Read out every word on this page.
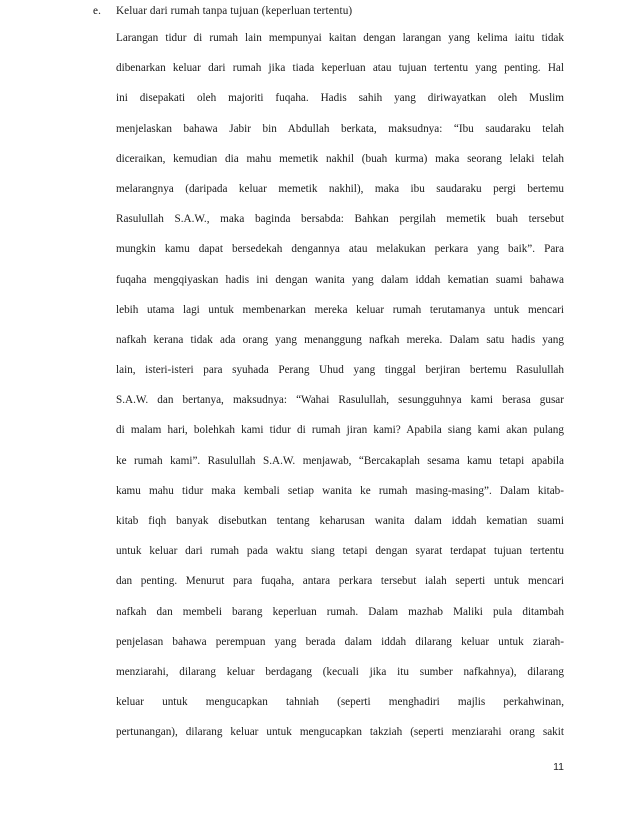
e. Keluar dari rumah tanpa tujuan (keperluan tertentu)
Larangan tidur di rumah lain mempunyai kaitan dengan larangan yang kelima iaitu tidak
dibenarkan keluar dari rumah jika tiada keperluan atau tujuan tertentu yang penting. Hal
ini disepakati oleh majoriti fuqaha. Hadis sahih yang diriwayatkan oleh Muslim
menjelaskan bahawa Jabir bin Abdullah berkata, maksudnya: “Ibu saudaraku telah
diceraikan, kemudian dia mahu memetik nakhil (buah kurma) maka seorang lelaki telah
melarangnya (daripada keluar memetik nakhil), maka ibu saudaraku pergi bertemu
Rasulullah S.A.W., maka baginda bersabda: Bahkan pergilah memetik buah tersebut
mungkin kamu dapat bersedekah dengannya atau melakukan perkara yang baik”. Para
fuqaha mengqiyaskan hadis ini dengan wanita yang dalam iddah kematian suami bahawa
lebih utama lagi untuk membenarkan mereka keluar rumah terutamanya untuk mencari
nafkah kerana tidak ada orang yang menanggung nafkah mereka. Dalam satu hadis yang
lain, isteri-isteri para syuhada Perang Uhud yang tinggal berjiran bertemu Rasulullah
S.A.W. dan bertanya, maksudnya: “Wahai Rasulullah, sesungguhnya kami berasa gusar
di malam hari, bolehkah kami tidur di rumah jiran kami? Apabila siang kami akan pulang
ke rumah kami”. Rasulullah S.A.W. menjawab, “Bercakaplah sesama kamu tetapi apabila
kamu mahu tidur maka kembali setiap wanita ke rumah masing-masing”. Dalam kitab-
kitab fiqh banyak disebutkan tentang keharusan wanita dalam iddah kematian suami
untuk keluar dari rumah pada waktu siang tetapi dengan syarat terdapat tujuan tertentu
dan penting. Menurut para fuqaha, antara perkara tersebut ialah seperti untuk mencari
nafkah dan membeli barang keperluan rumah. Dalam mazhab Maliki pula ditambah
penjelasan bahawa perempuan yang berada dalam iddah dilarang keluar untuk ziarah-
menziarahi, dilarang keluar berdagang (kecuali jika itu sumber nafkahnya), dilarang
keluar untuk mengucapkan tahniah (seperti menghadiri majlis perkahwinan,
pertunangan), dilarang keluar untuk mengucapkan takziah (seperti menziarahi orang sakit
11
